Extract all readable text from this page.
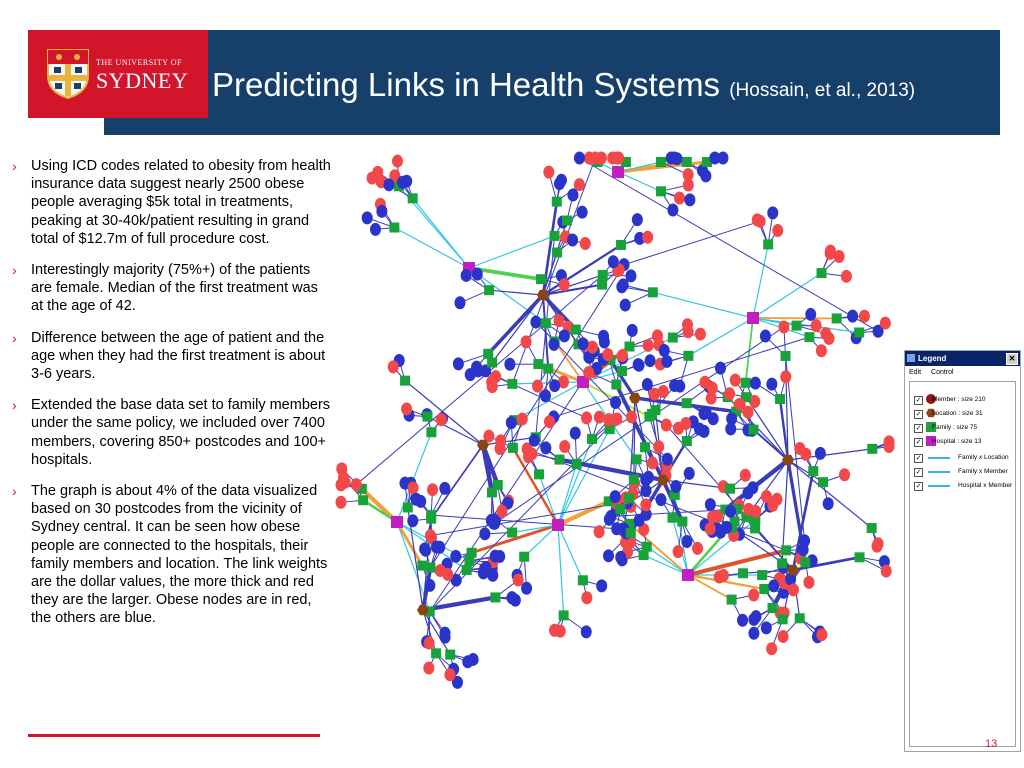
THE UNIVERSITY OF
SYDNEY Predicting Links in Health Systems (Hossain, et al., 2013)
› Using ICD codes related to obesity from health insurance data suggest nearly 2500 obese people averaging $5k total in treatments, peaking at 30-40k/patient resulting in grand total of $12.7m of full procedure cost.
› Interestingly majority (75%+) of the patients are female. Median of the first treatment was at the age of 42.
› Difference between the age of patient and the age when they had the first treatment is about 3-6 years.
› Extended the base data set to family members under the same policy, we included over 7400 members, covering 850+ postcodes and 100+ hospitals.
› The graph is about 4% of the data visualized based on 30 postcodes from the vicinity of Sydney central. It can be seen how obese people are connected to the hospitals, their family members and location. The link weights are the dollar values, the more thick and red they are the larger. Obese nodes are in red, the others are blue.
Legend	✕
Edit Control
✓ Member : size 210
✓ Location : size 31
✓ Family : size 75
✓ Hospital : size 13
✓	Family x Location
✓	Family x Member
✓	Hospital x Member
13
